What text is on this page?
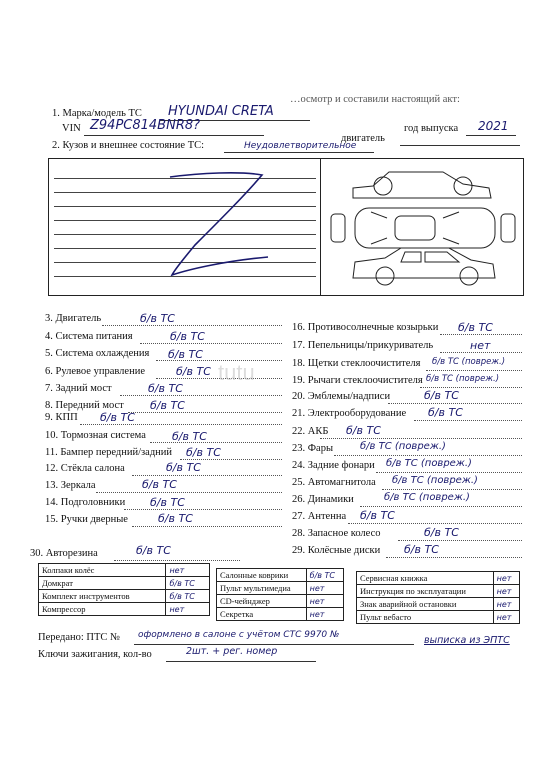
…осмотр и составили настоящий акт:
1. Марка/модель ТС HYUNDAI CRETA
VIN Z94PC814BNR8?	год выпуска 2021
двигатель
2. Кузов и внешнее состояние ТС:	Неудовлетворительное
3. Двигатель	б/в ТС
4. Система питания	б/в ТС
5. Система охлаждения б/в ТС
6. Рулевое управление	б/в ТС
7. Задний мост	б/в ТС
8. Передний мост б/в ТС
9. КПП б/в ТС
10. Тормозная система б/в ТС
11. Бампер передний/задний б/в ТС
12. Стёкла салона	б/в ТС
13. Зеркала	б/в ТС
14. Подголовники б/в ТС
15. Ручки дверные	б/в ТС
16. Противосолнечные козырьки б/в ТС
17. Пепельницы/прикуриватель	нет
18. Щетки стеклоочистителя б/в ТС (повреж.)
19. Рычаги стеклоочистителя б/в ТС (повреж.)
20. Эмблемы/надписи	б/в ТС
21. Электрооборудование б/в ТС
22. АКБ б/в ТС
23. Фары	б/в ТС (повреж.)
24. Задние фонари б/в ТС (повреж.)
25. Автомагнитола б/в ТС (повреж.)
26. Динамики	б/в ТС (повреж.)
27. Антенна б/в ТС
28. Запасное колесо	б/в ТС
29. Колёсные диски б/в ТС
30. Авторезина	б/в ТС
Колпаки колёс	нет
Домкрат	б/в ТС
Комплект инструментов	б/в ТС
Компрессор	нет
Салонные коврики	б/в ТС
Пульт мультимедиа	нет
CD-чейнджер	нет
Секретка	нет
Сервисная книжка	нет
Инструкция по эксплуатации	нет
Знак аварийной остановки	нет
Пульт вебасто	нет
Передано: ПТС № оформлено в салоне с учётом СТС 9970 №	выписка из ЭПТС
Ключи зажигания, кол-во	2шт. + рег. номер
tutu
